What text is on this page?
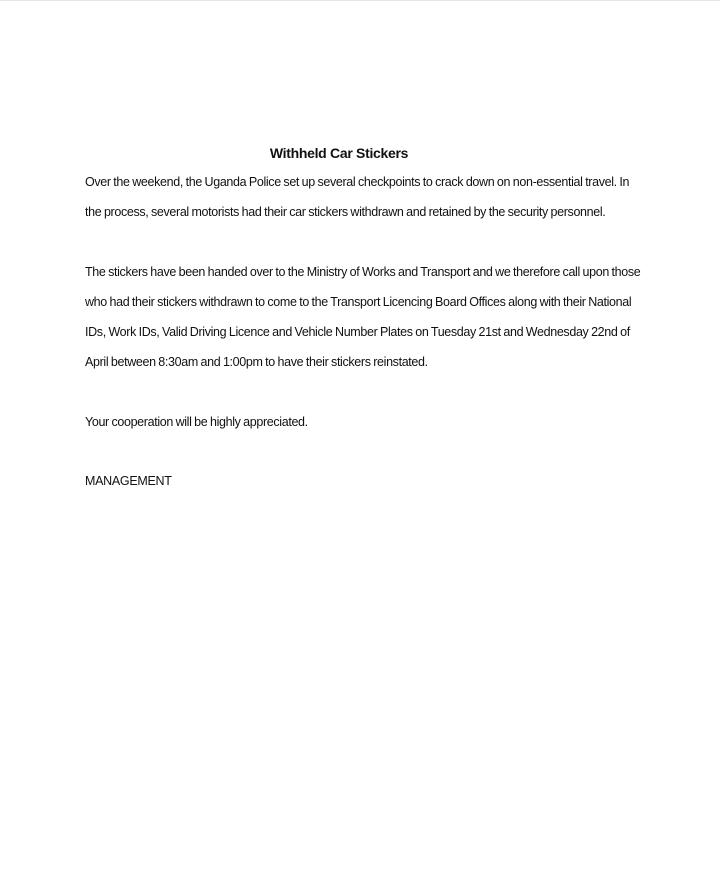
Withheld Car Stickers

Over the weekend, the Uganda Police set up several checkpoints to crack down on non-essential travel. In the process, several motorists had their car stickers withdrawn and retained by the security personnel.

The stickers have been handed over to the Ministry of Works and Transport and we therefore call upon those who had their stickers withdrawn to come to the Transport Licencing Board Offices along with their National IDs, Work IDs, Valid Driving Licence and Vehicle Number Plates on Tuesday 21st and Wednesday 22nd of April between 8:30am and 1:00pm to have their stickers reinstated.

Your cooperation will be highly appreciated.

MANAGEMENT
